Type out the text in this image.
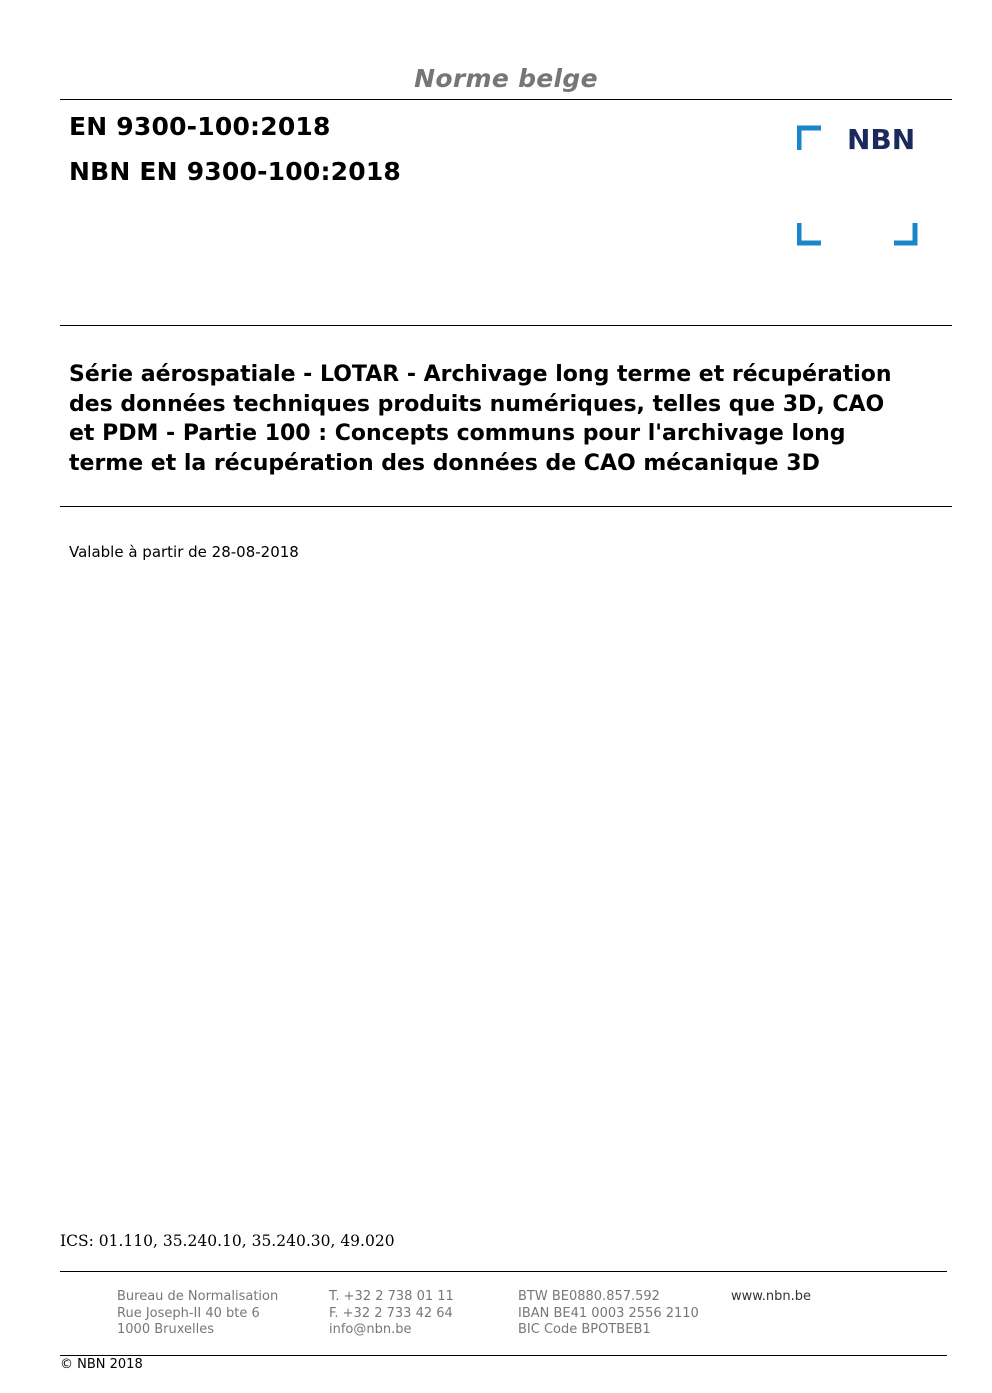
Norme belge
EN 9300-100:2018
NBN EN 9300-100:2018
NBN
Série aérospatiale - LOTAR - Archivage long terme et récupération
des données techniques produits numériques, telles que 3D, CAO
et PDM - Partie 100 : Concepts communs pour l'archivage long
terme et la récupération des données de CAO mécanique 3D
Valable à partir de 28-08-2018
ICS: 01.110, 35.240.10, 35.240.30, 49.020
Bureau de Normalisation
Rue Joseph-II 40 bte 6
1000 Bruxelles
T. +32 2 738 01 11
F. +32 2 733 42 64
info@nbn.be
BTW BE0880.857.592
IBAN BE41 0003 2556 2110
BIC Code BPOTBEB1
www.nbn.be
© NBN 2018
